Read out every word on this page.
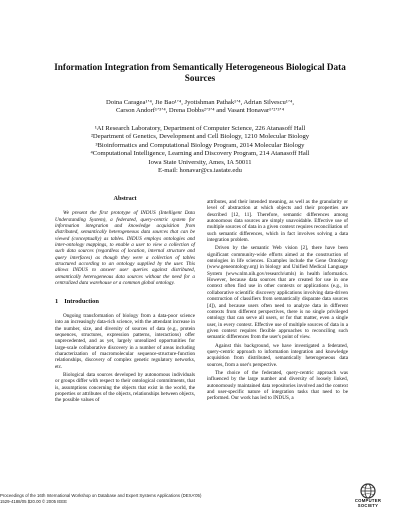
Information Integration from Semantically Heterogeneous Biological Data
Sources
Doina Caragea¹ʼ⁴, Jie Bao¹ʼ⁴, Jyotishman Pathak¹ʼ⁴, Adrian Silvescu¹ʼ⁴,
Carson Andorf¹ʼ³ʼ⁴, Drena Dobbs²ʼ³ʼ⁴ and Vasant Honavar¹ʼ²ʼ³ʼ⁴
¹AI Research Laboratory, Department of Computer Science, 226 Atanasoff Hall
²Department of Genetics, Development and Cell Biology, 1210 Molecular Biology
³Bioinformatics and Computational Biology Program, 2014 Molecular Biology
⁴Computational Intelligence, Learning and Discovery Program, 214 Atanasoff Hall
Iowa State University, Ames, IA 50011
E-mail: honavar@cs.iastate.edu
Abstract

We present the first prototype of INDUS (Intelligent Data Understanding System), a federated, query-centric system for information integration and knowledge acquisition from distributed, semantically heterogeneous data sources that can be viewed (conceptually) as tables. INDUS employs ontologies and inter-ontology mappings, to enable a user to view a collection of such data sources (regardless of location, internal structure and query interfaces) as though they were a collection of tables structured according to an ontology supplied by the user. This allows INDUS to answer user queries against distributed, semantically heterogeneous data sources without the need for a centralized data warehouse or a common global ontology.

1 Introduction

Ongoing transformation of biology from a data-poor science into an increasingly data-rich science, with the attendant increase in the number, size, and diversity of sources of data (e.g., protein sequences, structures, expression patterns, interactions) offer unprecedented, and as yet, largely unrealized opportunities for large-scale collaborative discovery in a number of areas including characterization of macromolecular sequence-structure-function relationships, discovery of complex genetic regulatory networks, etc.

Biological data sources developed by autonomous individuals or groups differ with respect to their ontological commitments, that is, assumptions concerning the objects that exist in the world, the properties or attributes of the objects, relationships between objects, the possible values of

attributes, and their intended meaning, as well as the granularity or level of abstraction at which objects and their properties are described [12, 11]. Therefore, semantic differences among autonomous data sources are simply unavoidable. Effective use of multiple sources of data in a given context requires reconciliation of such semantic differences, which in fact involves solving a data integration problem.

Driven by the semantic Web vision [2], there have been significant community-wide efforts aimed at the construction of ontologies in life sciences. Examples include the Gene Ontology (www.geneontology.org) in biology and Unified Medical Language System (www.nlm.nih.gov/research/umls) in health informatics. However, because data sources that are created for use in one context often find use in other contexts or applications (e.g., in collaborative scientific discovery applications involving data-driven construction of classifiers from semantically disparate data sources [4]), and because users often need to analyze data in different contexts from different perspectives, there is no single privileged ontology that can serve all users, or for that matter, even a single user, in every context. Effective use of multiple sources of data in a given context requires flexible approaches to reconciling such semantic differences from the user's point of view.

Against this background, we have investigated a federated, query-centric approach to information integration and knowledge acquisition from distributed, semantically heterogeneous data sources, from a user's perspective.

The choice of the federated, query-centric approach was influenced by the large number and diversity of loosely linked, autonomously maintained data repositories involved and the context and user-specific nature of integration tasks that need to be performed. Our work has led to INDUS, a

Proceedings of the 16th International Workshop on Database and Expert Systems Applications (DEXA'05)
1529-4188/05 $20.00 © 2005 IEEE	COMPUTER
SOCIETY
